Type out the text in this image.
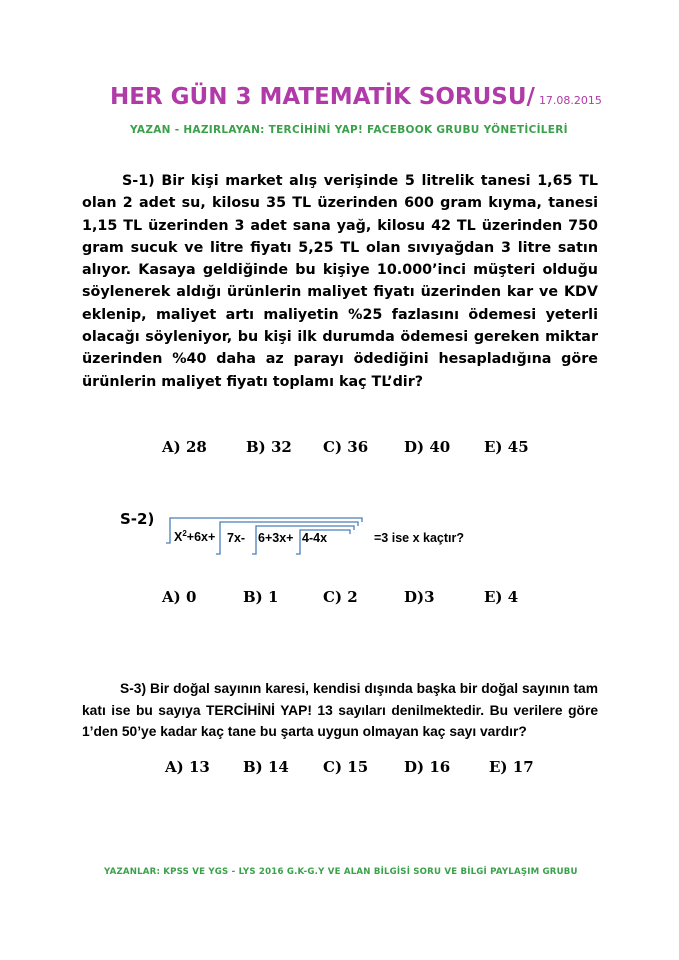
HER GÜN 3 MATEMATİK SORUSU/ 17.08.2015
YAZAN - HAZIRLAYAN: TERCİHİNİ YAP! FACEBOOK GRUBU YÖNETİCİLERİ
S-1) Bir kişi market alış verişinde 5 litrelik tanesi 1,65 TL olan 2 adet su, kilosu 35 TL üzerinden 600 gram kıyma, tanesi 1,15 TL üzerinden 3 adet sana yağ, kilosu 42 TL üzerinden 750 gram sucuk ve litre fiyatı 5,25 TL olan sıvıyağdan 3 litre satın alıyor. Kasaya geldiğinde bu kişiye 10.000’inci müşteri olduğu söylenerek aldığı ürünlerin maliyet fiyatı üzerinden kar ve KDV eklenip, maliyet artı maliyetin %25 fazlasını ödemesi yeterli olacağı söyleniyor, bu kişi ilk durumda ödemesi gereken miktar üzerinden %40 daha az parayı ödediğini hesapladığına göre ürünlerin maliyet fiyatı toplamı kaç TL’dir?
A) 28	B) 32 C) 36 D) 40 E) 45
S-2)
$X^2+6x+ 7x-$ 6+3x+ 4-4x	=3 ise x kaçtır?
A) 0	B) 1	C) 2	D)3	E) 4
S-3) Bir doğal sayının karesi, kendisi dışında başka bir doğal sayının tam katı ise bu sayıya TERCİHİNİ YAP! 13 sayıları denilmektedir. Bu verilere göre 1’den 50’ye kadar kaç tane bu şarta uygun olmayan kaç sayı vardır?
A) 13 B) 14 C) 15 D) 16	E) 17
YAZANLAR: KPSS VE YGS - LYS 2016 G.K-G.Y VE ALAN BİLGİSİ SORU VE BİLGİ PAYLAŞIM GRUBU
